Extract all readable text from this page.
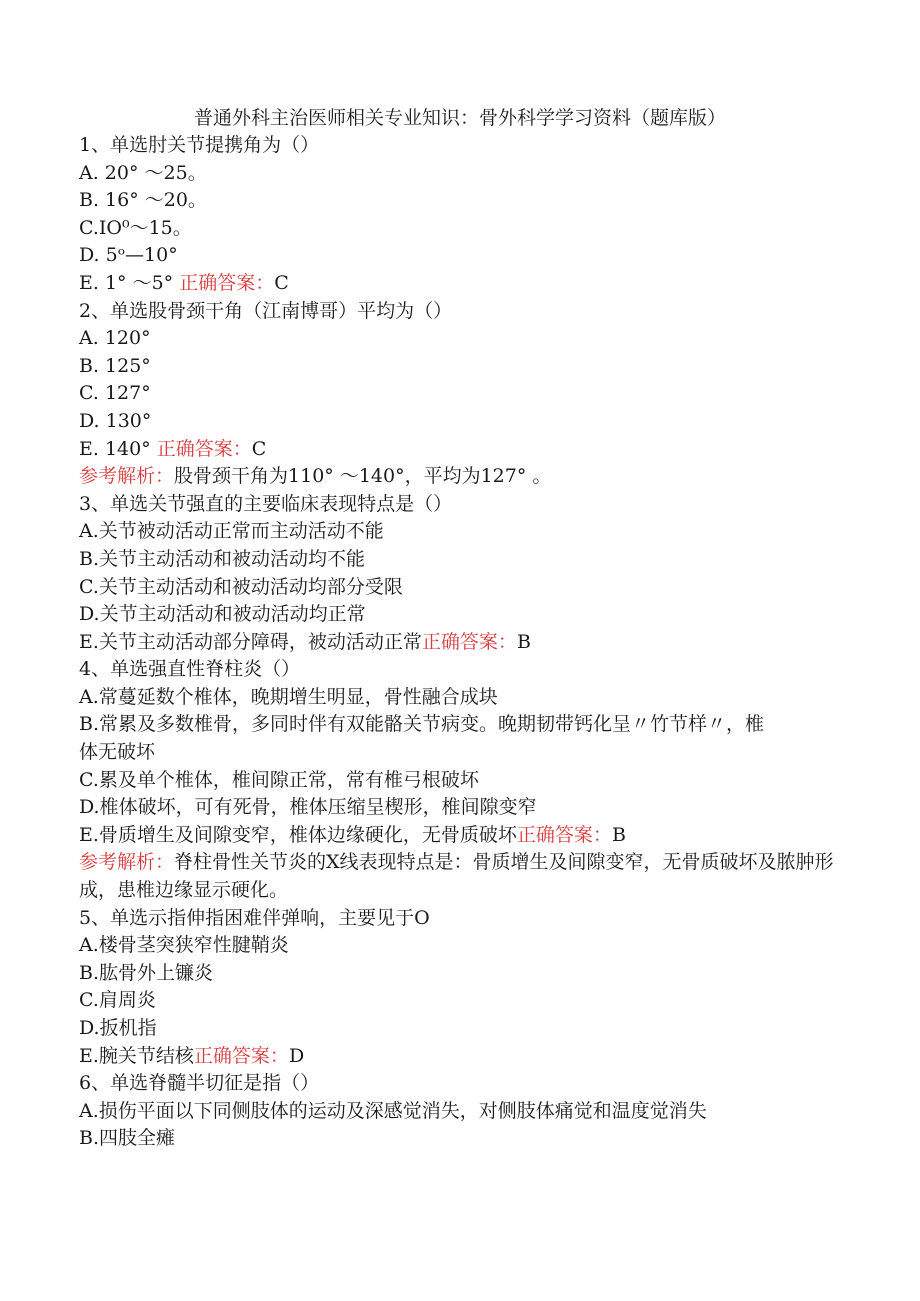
普通外科主治医师相关专业知识：骨外科学学习资料（题库版）
1、单选肘关节提携角为（）
A. 20° ～25。
B. 16° ～20。
C.IO⁰～15。
D. 5ᵒ—10°
E. 1° ～5° 正确答案：C
2、单选股骨颈干角（江南博哥）平均为（）
A. 120°
B. 125°
C. 127°
D. 130°
E. 140° 正确答案：C
参考解析：股骨颈干角为110° ～140°，平均为127° 。
3、单选关节强直的主要临床表现特点是（）
A.关节被动活动正常而主动活动不能
B.关节主动活动和被动活动均不能
C.关节主动活动和被动活动均部分受限
D.关节主动活动和被动活动均正常
E.关节主动活动部分障碍，被动活动正常正确答案：B
4、单选强直性脊柱炎（）
A.常蔓延数个椎体，晚期增生明显，骨性融合成块
B.常累及多数椎骨，多同时伴有双能骼关节病变。晚期韧带钙化呈〃竹节样〃，椎体无破坏
C.累及单个椎体，椎间隙正常，常有椎弓根破坏
D.椎体破坏，可有死骨，椎体压缩呈楔形，椎间隙变窄
E.骨质增生及间隙变窄，椎体边缘硬化，无骨质破坏正确答案：B
参考解析：脊柱骨性关节炎的X线表现特点是：骨质增生及间隙变窄，无骨质破坏及脓肿形成，患椎边缘显示硬化。
5、单选示指伸指困难伴弹响，主要见于O
A.楼骨茎突狭窄性腱鞘炎
B.肱骨外上镰炎
C.肩周炎
D.扳机指
E.腕关节结核正确答案：D
6、单选脊髓半切征是指（）
A.损伤平面以下同侧肢体的运动及深感觉消失，对侧肢体痛觉和温度觉消失
B.四肢全瘫
